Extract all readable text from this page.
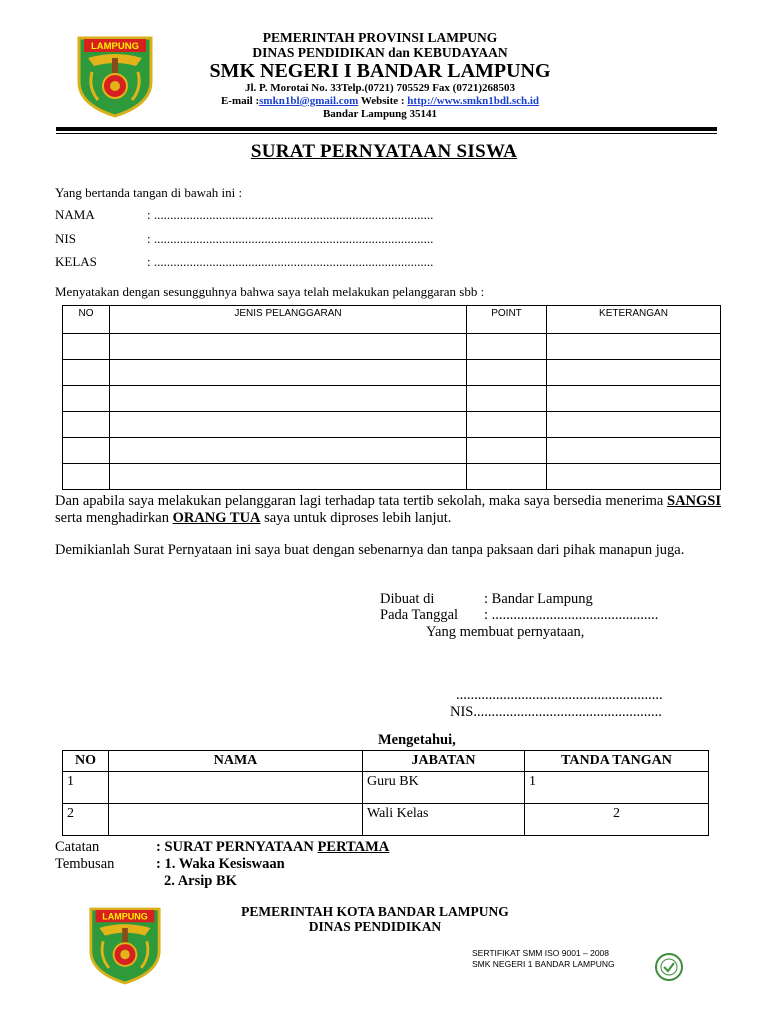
LAMPUNG
PEMERINTAH PROVINSI LAMPUNG
DINAS PENDIDIKAN dan KEBUDAYAAN
SMK NEGERI I BANDAR LAMPUNG
Jl. P. Morotai No. 33Telp.(0721) 705529 Fax (0721)268503
E-mail :smkn1bl@gmail.com Website : http://www.smkn1bdl.sch.id
Bandar Lampung 35141
SURAT PERNYATAAN SISWA
Yang bertanda tangan di bawah ini :
NAMA	: ......................................................................................
NIS	: ......................................................................................
KELAS	: ......................................................................................
Menyatakan dengan sesungguhnya bahwa saya telah melakukan pelanggaran sbb :
NO	JENIS PELANGGARAN	POINT	KETERANGAN

Dan apabila saya melakukan pelanggaran lagi terhadap tata tertib sekolah, maka saya bersedia menerima SANGSI serta menghadirkan ORANG TUA saya untuk diproses lebih lanjut.
Demikianlah Surat Pernyataan ini saya buat dengan sebenarnya dan tanpa paksaan dari pihak manapun juga.
Dibuat di	: Bandar Lampung
Pada Tanggal : ..............................................
Yang membuat pernyataan,
.........................................................
NIS....................................................
Mengetahui,
NO	NAMA	JABATAN	TANDA TANGAN
1		Guru BK	1
2		Wali Kelas	2
Catatan	: SURAT PERNYATAAN PERTAMA
Tembusan	: 1. Waka Kesiswaan
2. Arsip BK
LAMPUNG	PEMERINTAH KOTA BANDAR LAMPUNG
DINAS PENDIDIKAN
SERTIFIKAT SMM ISO 9001 – 2008
SMK NEGERI 1 BANDAR LAMPUNG
